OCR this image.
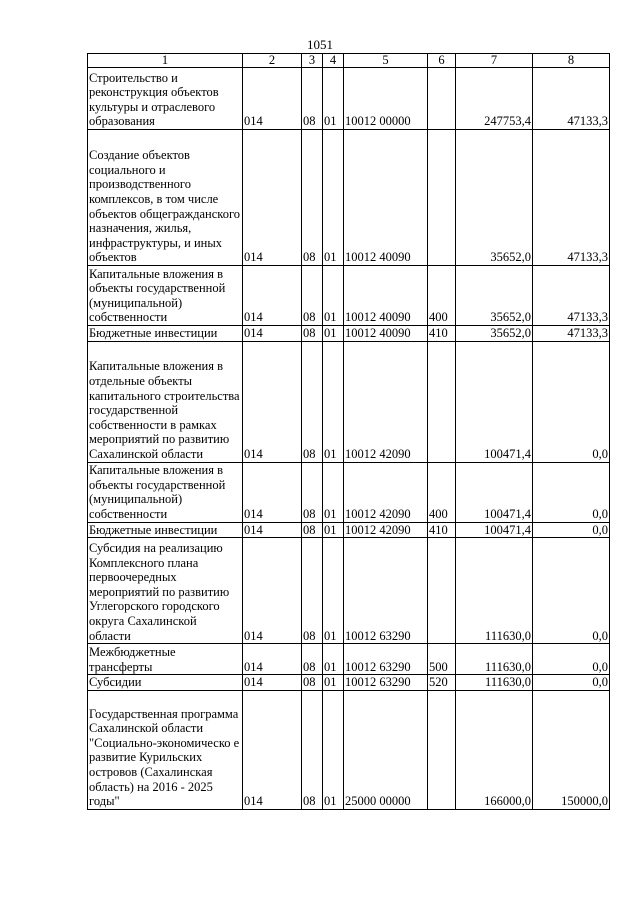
1051
1	2	3	4	5	6	7	8
Строительство и реконструкция объектов культуры и отраслевого образования	014	08	01	10012 00000		247753,4	47133,3
Создание объектов социального и производственного комплексов, в том числе объектов общегражданского назначения, жилья, инфраструктуры, и иных объектов	014	08	01	10012 40090		35652,0	47133,3
Капитальные вложения в объекты государственной (муниципальной) собственности	014	08	01	10012 40090	400	35652,0	47133,3
Бюджетные инвестиции	014	08	01	10012 40090	410	35652,0	47133,3
Капитальные вложения в отдельные объекты капитального строительства государственной собственности в рамках мероприятий по развитию Сахалинской области	014	08	01	10012 42090		100471,4	0,0
Капитальные вложения в объекты государственной (муниципальной) собственности	014	08	01	10012 42090	400	100471,4	0,0
Бюджетные инвестиции	014	08	01	10012 42090	410	100471,4	0,0
Субсидия на реализацию Комплексного плана первоочередных мероприятий по развитию Углегорского городского округа Сахалинской области	014	08	01	10012 63290		111630,0	0,0
Межбюджетные трансферты	014	08	01	10012 63290	500	111630,0	0,0
Субсидии	014	08	01	10012 63290	520	111630,0	0,0
Государственная программа Сахалинской области "Социально-экономическо е развитие Курильских островов (Сахалинская область) на 2016 - 2025 годы"	014	08	01	25000 00000		166000,0	150000,0
